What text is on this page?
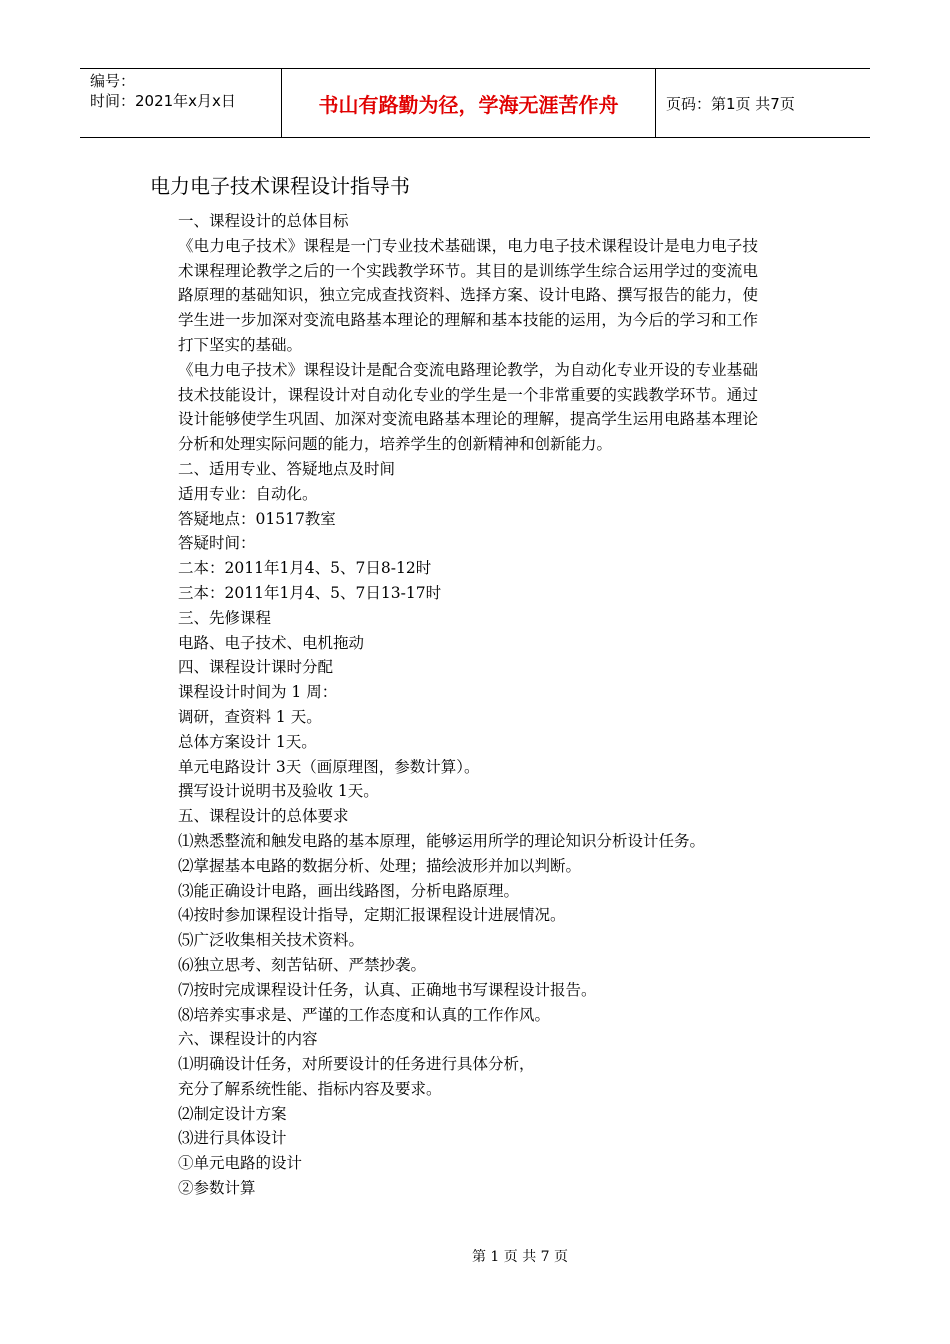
编号：
时间：2021年x月x日	书山有路勤为径，学海无涯苦作舟	页码：第1页 共7页
电力电子技术课程设计指导书
一、课程设计的总体目标
《电力电子技术》课程是一门专业技术基础课，电力电子技术课程设计是电力电子技术课程理论教学之后的一个实践教学环节。其目的是训练学生综合运用学过的变流电路原理的基础知识，独立完成查找资料、选择方案、设计电路、撰写报告的能力，使学生进一步加深对变流电路基本理论的理解和基本技能的运用，为今后的学习和工作打下坚实的基础。
《电力电子技术》课程设计是配合变流电路理论教学，为自动化专业开设的专业基础技术技能设计，课程设计对自动化专业的学生是一个非常重要的实践教学环节。通过设计能够使学生巩固、加深对变流电路基本理论的理解，提高学生运用电路基本理论分析和处理实际问题的能力，培养学生的创新精神和创新能力。
二、适用专业、答疑地点及时间
适用专业：自动化。
答疑地点：01517教室
答疑时间：
二本：2011年1月4、5、7日8-12时
三本：2011年1月4、5、7日13-17时
三、先修课程
电路、电子技术、电机拖动
四、课程设计课时分配
课程设计时间为 1 周：
调研，查资料 1 天。
总体方案设计 1天。
单元电路设计 3天（画原理图，参数计算）。
撰写设计说明书及验收 1天。
五、课程设计的总体要求
⑴熟悉整流和触发电路的基本原理，能够运用所学的理论知识分析设计任务。
⑵掌握基本电路的数据分析、处理；描绘波形并加以判断。
⑶能正确设计电路，画出线路图，分析电路原理。
⑷按时参加课程设计指导，定期汇报课程设计进展情况。
⑸广泛收集相关技术资料。
⑹独立思考、刻苦钻研、严禁抄袭。
⑺按时完成课程设计任务，认真、正确地书写课程设计报告。
⑻培养实事求是、严谨的工作态度和认真的工作作风。
六、课程设计的内容
⑴明确设计任务，对所要设计的任务进行具体分析，
充分了解系统性能、指标内容及要求。
⑵制定设计方案
⑶进行具体设计
①单元电路的设计
②参数计算
第 1 页 共 7 页
